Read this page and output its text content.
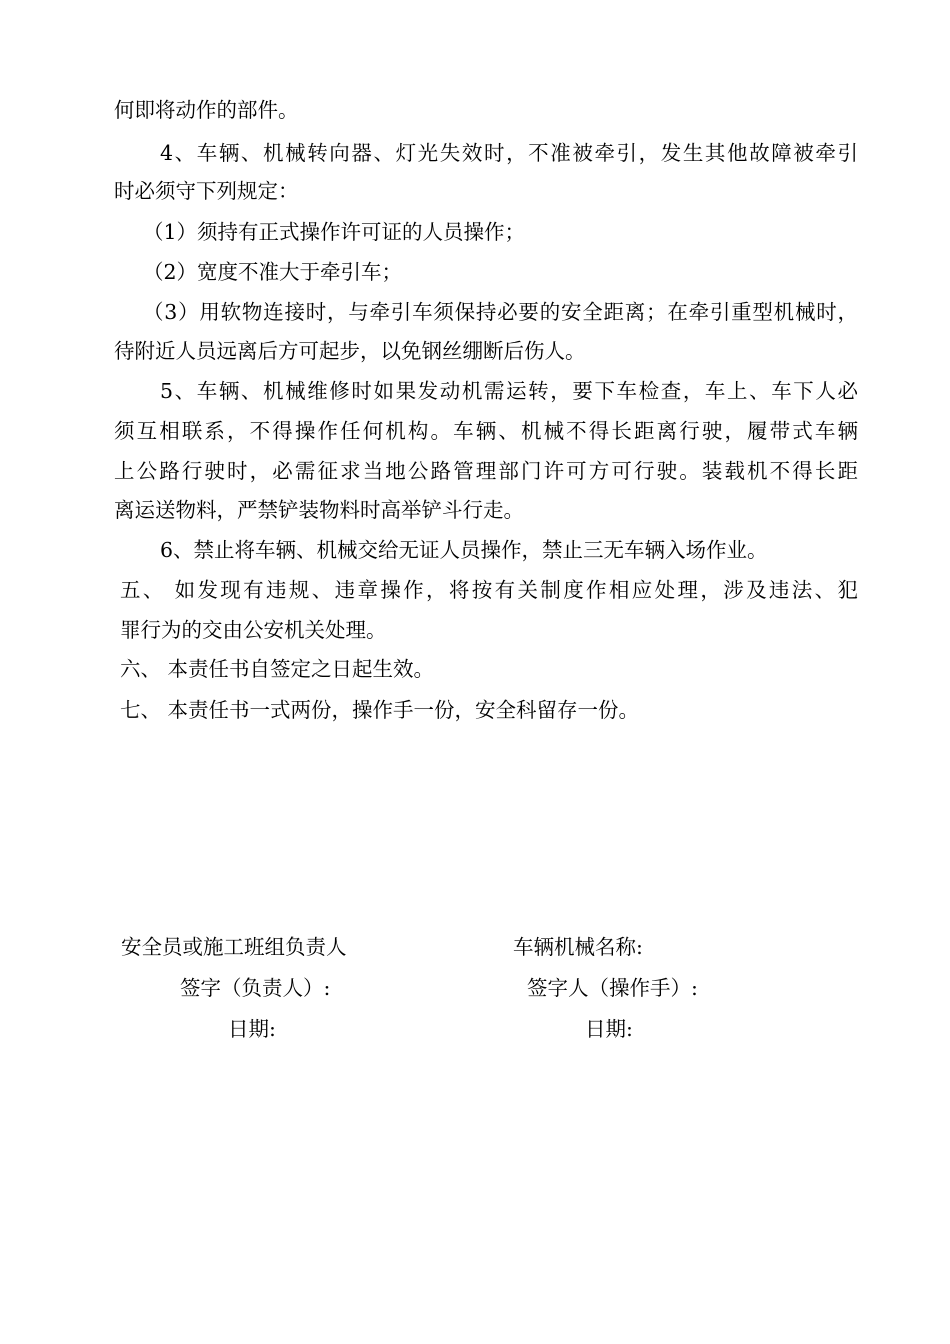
何即将动作的部件。
4、车辆、机械转向器、灯光失效时，不准被牵引，发生其他故障被牵引
时必须守下列规定：
（1）须持有正式操作许可证的人员操作；
（2）宽度不准大于牵引车；
（3）用软物连接时，与牵引车须保持必要的安全距离；在牵引重型机械时，
待附近人员远离后方可起步，以免钢丝绷断后伤人。
5、车辆、机械维修时如果发动机需运转，要下车检查，车上、车下人必
须互相联系，不得操作任何机构。车辆、机械不得长距离行驶，履带式车辆
上公路行驶时，必需征求当地公路管理部门许可方可行驶。装载机不得长距
离运送物料，严禁铲装物料时高举铲斗行走。
6、禁止将车辆、机械交给无证人员操作，禁止三无车辆入场作业。
五、 如发现有违规、违章操作，将按有关制度作相应处理，涉及违法、犯
罪行为的交由公安机关处理。
六、 本责任书自签定之日起生效。
七、 本责任书一式两份，操作手一份，安全科留存一份。
安全员或施工班组负责人
签字（负责人）:
日期:
车辆机械名称:
签字人（操作手）:
日期:
